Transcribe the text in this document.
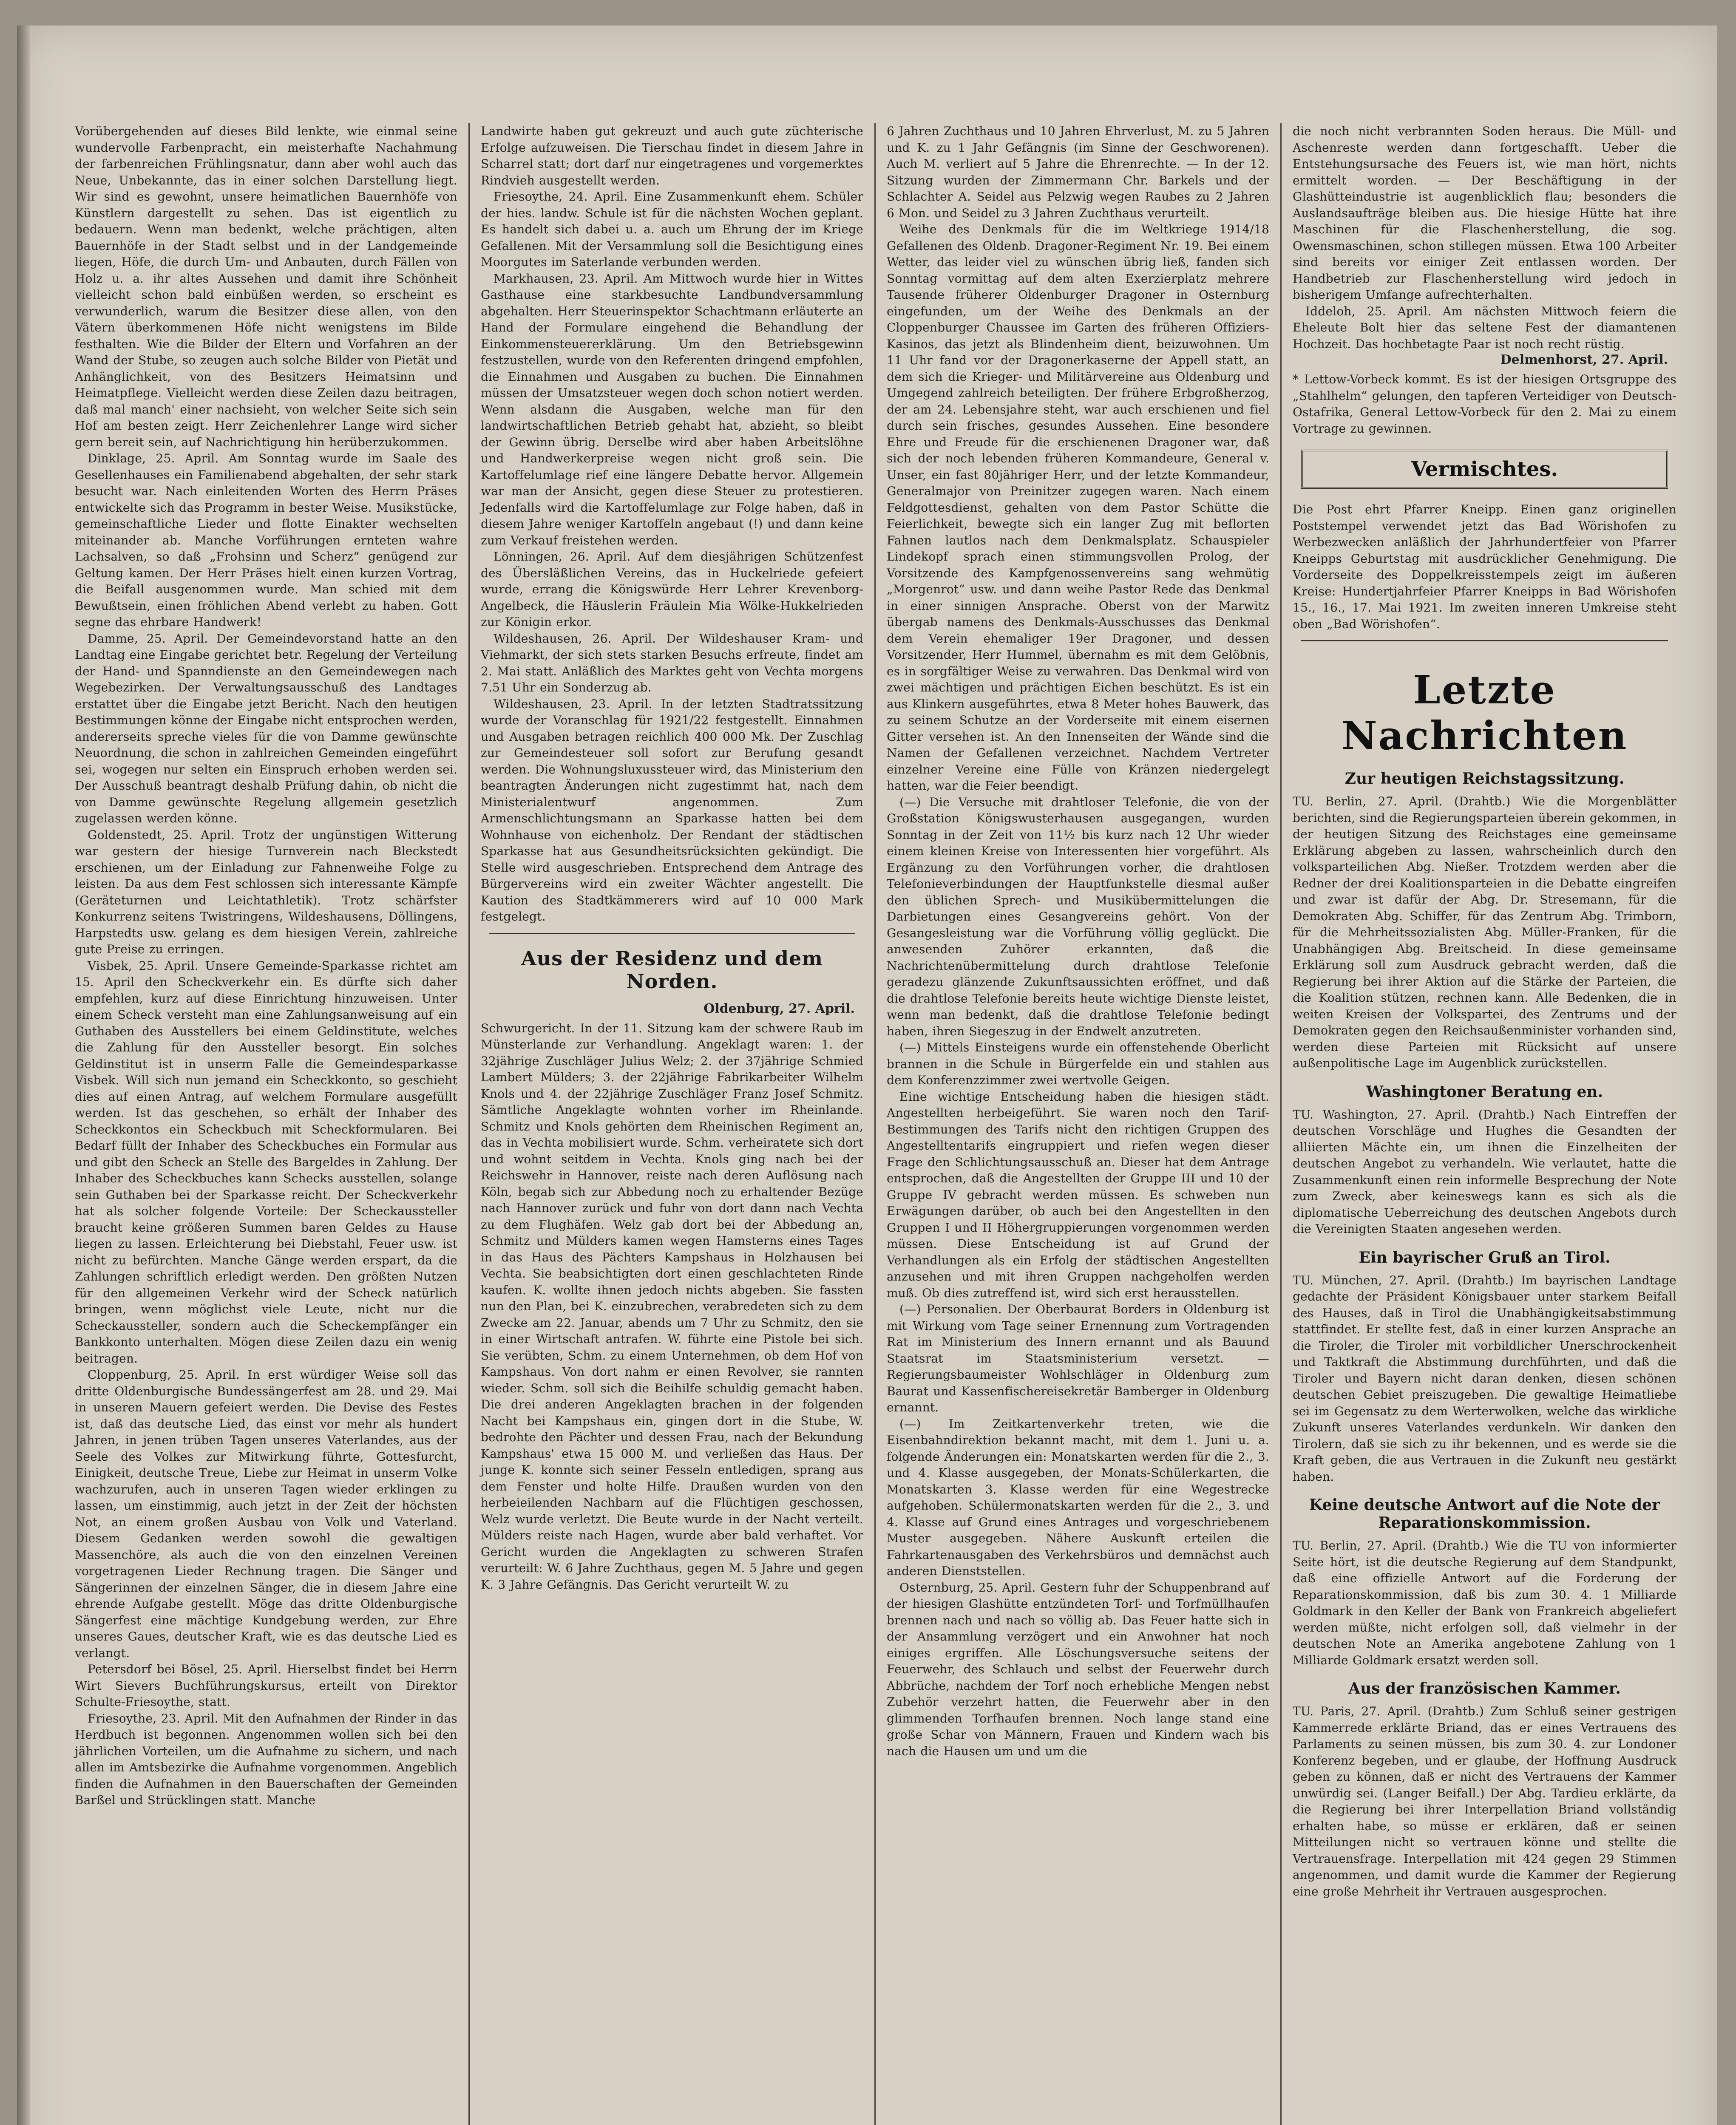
Vorübergehenden auf dieses Bild lenkte, wie einmal seine wundervolle Farbenpracht, ein meisterhafte Nachahmung der farbenreichen Frühlingsnatur, dann aber wohl auch das Neue, Unbekannte, das in einer solchen Darstellung liegt. Wir sind es gewohnt, unsere heimatlichen Bauernhöfe von Künstlern dargestellt zu sehen. Das ist eigentlich zu bedauern. Wenn man bedenkt, welche prächtigen, alten Bauernhöfe in der Stadt selbst und in der Landgemeinde liegen, Höfe, die durch Um- und Anbauten, durch Fällen von Holz u. a. ihr altes Aussehen und damit ihre Schönheit vielleicht schon bald einbüßen werden, so erscheint es verwunderlich, warum die Besitzer diese allen, von den Vätern überkommenen Höfe nicht wenigstens im Bilde festhalten. Wie die Bilder der Eltern und Vorfahren an der Wand der Stube, so zeugen auch solche Bilder von Pietät und Anhänglichkeit, von des Besitzers Heimatsinn und Heimatpflege. Vielleicht werden diese Zeilen dazu beitragen, daß mal manch' einer nachsieht, von welcher Seite sich sein Hof am besten zeigt. Herr Zeichenlehrer Lange wird sicher gern bereit sein, auf Nachrichtigung hin herüberzukommen.

Dinklage, 25. April. Am Sonntag wurde im Saale des Gesellenhauses ein Familienabend abgehalten, der sehr stark besucht war. Nach einleitenden Worten des Herrn Präses entwickelte sich das Programm in bester Weise. Musikstücke, gemeinschaftliche Lieder und flotte Einakter wechselten miteinander ab. Manche Vorführungen ernteten wahre Lachsalven, so daß „Frohsinn und Scherz“ genügend zur Geltung kamen. Der Herr Präses hielt einen kurzen Vortrag, die Beifall ausgenommen wurde. Man schied mit dem Bewußtsein, einen fröhlichen Abend verlebt zu haben. Gott segne das ehrbare Handwerk!

Damme, 25. April. Der Gemeindevorstand hatte an den Landtag eine Eingabe gerichtet betr. Regelung der Verteilung der Hand- und Spanndienste an den Gemeindewegen nach Wegebezirken. Der Verwaltungsausschuß des Landtages erstattet über die Eingabe jetzt Bericht. Nach den heutigen Bestimmungen könne der Eingabe nicht entsprochen werden, andererseits spreche vieles für die von Damme gewünschte Neuordnung, die schon in zahlreichen Gemeinden eingeführt sei, wogegen nur selten ein Einspruch erhoben werden sei. Der Ausschuß beantragt deshalb Prüfung dahin, ob nicht die von Damme gewünschte Regelung allgemein gesetzlich zugelassen werden könne.

Goldenstedt, 25. April. Trotz der ungünstigen Witterung war gestern der hiesige Turnverein nach Bleckstedt erschienen, um der Einladung zur Fahnenweihe Folge zu leisten. Da aus dem Fest schlossen sich interessante Kämpfe (Geräteturnen und Leichtathletik). Trotz schärfster Konkurrenz seitens Twistringens, Wildeshausens, Döllingens, Harpstedts usw. gelang es dem hiesigen Verein, zahlreiche gute Preise zu erringen.

Visbek, 25. April. Unsere Gemeinde-Sparkasse richtet am 15. April den Scheckverkehr ein. Es dürfte sich daher empfehlen, kurz auf diese Einrichtung hinzuweisen. Unter einem Scheck versteht man eine Zahlungsanweisung auf ein Guthaben des Ausstellers bei einem Geldinstitute, welches die Zahlung für den Aussteller besorgt. Ein solches Geldinstitut ist in unserm Falle die Gemeindesparkasse Visbek. Will sich nun jemand ein Scheckkonto, so geschieht dies auf einen Antrag, auf welchem Formulare ausgefüllt werden. Ist das geschehen, so erhält der Inhaber des Scheckkontos ein Scheckbuch mit Scheckformularen. Bei Bedarf füllt der Inhaber des Scheckbuches ein Formular aus und gibt den Scheck an Stelle des Bargeldes in Zahlung. Der Inhaber des Scheckbuches kann Schecks ausstellen, solange sein Guthaben bei der Sparkasse reicht. Der Scheckverkehr hat als solcher folgende Vorteile: Der Scheckaussteller braucht keine größeren Summen baren Geldes zu Hause liegen zu lassen. Erleichterung bei Diebstahl, Feuer usw. ist nicht zu befürchten. Manche Gänge werden erspart, da die Zahlungen schriftlich erledigt werden. Den größten Nutzen für den allgemeinen Verkehr wird der Scheck natürlich bringen, wenn möglichst viele Leute, nicht nur die Scheckaussteller, sondern auch die Scheckempfänger ein Bankkonto unterhalten. Mögen diese Zeilen dazu ein wenig beitragen.

Cloppenburg, 25. April. In erst würdiger Weise soll das dritte Oldenburgische Bundessängerfest am 28. und 29. Mai in unseren Mauern gefeiert werden. Die Devise des Festes ist, daß das deutsche Lied, das einst vor mehr als hundert Jahren, in jenen trüben Tagen unseres Vaterlandes, aus der Seele des Volkes zur Mitwirkung führte, Gottesfurcht, Einigkeit, deutsche Treue, Liebe zur Heimat in unserm Volke wachzurufen, auch in unseren Tagen wieder erklingen zu lassen, um einstimmig, auch jetzt in der Zeit der höchsten Not, an einem großen Ausbau von Volk und Vaterland. Diesem Gedanken werden sowohl die gewaltigen Massenchöre, als auch die von den einzelnen Vereinen vorgetragenen Lieder Rechnung tragen. Die Sänger und Sängerinnen der einzelnen Sänger, die in diesem Jahre eine ehrende Aufgabe gestellt. Möge das dritte Oldenburgische Sängerfest eine mächtige Kundgebung werden, zur Ehre unseres Gaues, deutscher Kraft, wie es das deutsche Lied es verlangt.

Petersdorf bei Bösel, 25. April. Hierselbst findet bei Herrn Wirt Sievers Buchführungskursus, erteilt von Direktor Schulte-Friesoythe, statt.

Friesoythe, 23. April. Mit den Aufnahmen der Rinder in das Herdbuch ist begonnen. Angenommen wollen sich bei den jährlichen Vorteilen, um die Aufnahme zu sichern, und nach allen im Amtsbezirke die Aufnahme vorgenommen. Angeblich finden die Aufnahmen in den Bauerschaften der Gemeinden Barßel und Strücklingen statt. Manche

Landwirte haben gut gekreuzt und auch gute züchterische Erfolge aufzuweisen. Die Tierschau findet in diesem Jahre in Scharrel statt; dort darf nur eingetragenes und vorgemerktes Rindvieh ausgestellt werden.

Friesoythe, 24. April. Eine Zusammenkunft ehem. Schüler der hies. landw. Schule ist für die nächsten Wochen geplant. Es handelt sich dabei u. a. auch um Ehrung der im Kriege Gefallenen. Mit der Versammlung soll die Besichtigung eines Moorgutes im Saterlande verbunden werden.

Markhausen, 23. April. Am Mittwoch wurde hier in Wittes Gasthause eine starkbesuchte Landbundversammlung abgehalten. Herr Steuerinspektor Schachtmann erläuterte an Hand der Formulare eingehend die Behandlung der Einkommensteuererklärung. Um den Betriebsgewinn festzustellen, wurde von den Referenten dringend empfohlen, die Einnahmen und Ausgaben zu buchen. Die Einnahmen müssen der Umsatzsteuer wegen doch schon notiert werden. Wenn alsdann die Ausgaben, welche man für den landwirtschaftlichen Betrieb gehabt hat, abzieht, so bleibt der Gewinn übrig. Derselbe wird aber haben Arbeitslöhne und Handwerkerpreise wegen nicht groß sein. Die Kartoffelumlage rief eine längere Debatte hervor. Allgemein war man der Ansicht, gegen diese Steuer zu protestieren. Jedenfalls wird die Kartoffelumlage zur Folge haben, daß in diesem Jahre weniger Kartoffeln angebaut (!) und dann keine zum Verkauf freistehen werden.

Lönningen, 26. April. Auf dem diesjährigen Schützenfest des Übersläßlichen Vereins, das in Huckelriede gefeiert wurde, errang die Königswürde Herr Lehrer Krevenborg-Angelbeck, die Häuslerin Fräulein Mia Wölke-Hukkelrieden zur Königin erkor.

Wildeshausen, 26. April. Der Wildeshauser Kram- und Viehmarkt, der sich stets starken Besuchs erfreute, findet am 2. Mai statt. Anläßlich des Marktes geht von Vechta morgens 7.51 Uhr ein Sonderzug ab.

Wildeshausen, 23. April. In der letzten Stadtratssitzung wurde der Voranschlag für 1921/22 festgestellt. Einnahmen und Ausgaben betragen reichlich 400 000 Mk. Der Zuschlag zur Gemeindesteuer soll sofort zur Berufung gesandt werden. Die Wohnungsluxussteuer wird, das Ministerium den beantragten Änderungen nicht zugestimmt hat, nach dem Ministerialentwurf angenommen. Zum Armenschlichtungsmann an Sparkasse hatten bei dem Wohnhause von eichenholz. Der Rendant der städtischen Sparkasse hat aus Gesundheitsrücksichten gekündigt. Die Stelle wird ausgeschrieben. Entsprechend dem Antrage des Bürgervereins wird ein zweiter Wächter angestellt. Die Kaution des Stadtkämmerers wird auf 10 000 Mark festgelegt.

Aus der Residenz und dem Norden.
Oldenburg, 27. April.

Schwurgericht. In der 11. Sitzung kam der schwere Raub im Münsterlande zur Verhandlung. Angeklagt waren: 1. der 32jährige Zuschläger Julius Welz; 2. der 37jährige Schmied Lambert Mülders; 3. der 22jährige Fabrikarbeiter Wilhelm Knols und 4. der 22jährige Zuschläger Franz Josef Schmitz. Sämtliche Angeklagte wohnten vorher im Rheinlande. Schmitz und Knols gehörten dem Rheinischen Regiment an, das in Vechta mobilisiert wurde. Schm. verheiratete sich dort und wohnt seitdem in Vechta. Knols ging nach bei der Reichswehr in Hannover, reiste nach deren Auflösung nach Köln, begab sich zur Abbedung noch zu erhaltender Bezüge nach Hannover zurück und fuhr von dort dann nach Vechta zu dem Flughäfen. Welz gab dort bei der Abbedung an, Schmitz und Mülders kamen wegen Hamsterns eines Tages in das Haus des Pächters Kampshaus in Holzhausen bei Vechta. Sie beabsichtigten dort einen geschlachteten Rinde kaufen. K. wollte ihnen jedoch nichts abgeben. Sie fassten nun den Plan, bei K. einzubrechen, verabredeten sich zu dem Zwecke am 22. Januar, abends um 7 Uhr zu Schmitz, den sie in einer Wirtschaft antrafen. W. führte eine Pistole bei sich. Sie verübten, Schm. zu einem Unternehmen, ob dem Hof von Kampshaus. Von dort nahm er einen Revolver, sie rannten wieder. Schm. soll sich die Beihilfe schuldig gemacht haben. Die drei anderen Angeklagten brachen in der folgenden Nacht bei Kampshaus ein, gingen dort in die Stube, W. bedrohte den Pächter und dessen Frau, nach der Bekundung Kampshaus' etwa 15 000 M. und verließen das Haus. Der junge K. konnte sich seiner Fesseln entledigen, sprang aus dem Fenster und holte Hilfe. Draußen wurden von den herbeieilenden Nachbarn auf die Flüchtigen geschossen, Welz wurde verletzt. Die Beute wurde in der Nacht verteilt. Mülders reiste nach Hagen, wurde aber bald verhaftet. Vor Gericht wurden die Angeklagten zu schweren Strafen verurteilt: W. 6 Jahre Zuchthaus, gegen M. 5 Jahre und gegen K. 3 Jahre Gefängnis. Das Gericht verurteilt W. zu

6 Jahren Zuchthaus und 10 Jahren Ehrverlust, M. zu 5 Jahren und K. zu 1 Jahr Gefängnis (im Sinne der Geschworenen). Auch M. verliert auf 5 Jahre die Ehrenrechte. — In der 12. Sitzung wurden der Zimmermann Chr. Barkels und der Schlachter A. Seidel aus Pelzwig wegen Raubes zu 2 Jahren 6 Mon. und Seidel zu 3 Jahren Zuchthaus verurteilt.

Weihe des Denkmals für die im Weltkriege 1914/18 Gefallenen des Oldenb. Dragoner-Regiment Nr. 19. Bei einem Wetter, das leider viel zu wünschen übrig ließ, fanden sich Sonntag vormittag auf dem alten Exerzierplatz mehrere Tausende früherer Oldenburger Dragoner in Osternburg eingefunden, um der Weihe des Denkmals an der Cloppenburger Chaussee im Garten des früheren Offiziers-Kasinos, das jetzt als Blindenheim dient, beizuwohnen. Um 11 Uhr fand vor der Dragonerkaserne der Appell statt, an dem sich die Krieger- und Militärvereine aus Oldenburg und Umgegend zahlreich beteiligten. Der frühere Erbgroßherzog, der am 24. Lebensjahre steht, war auch erschienen und fiel durch sein frisches, gesundes Aussehen. Eine besondere Ehre und Freude für die erschienenen Dragoner war, daß sich der noch lebenden früheren Kommandeure, General v. Unser, ein fast 80jähriger Herr, und der letzte Kommandeur, Generalmajor von Preinitzer zugegen waren. Nach einem Feldgottesdienst, gehalten von dem Pastor Schütte die Feierlichkeit, bewegte sich ein langer Zug mit beflorten Fahnen lautlos nach dem Denkmalsplatz. Schauspieler Lindekopf sprach einen stimmungsvollen Prolog, der Vorsitzende des Kampfgenossenvereins sang wehmütig „Morgenrot“ usw. und dann weihe Pastor Rede das Denkmal in einer sinnigen Ansprache. Oberst von der Marwitz übergab namens des Denkmals-Ausschusses das Denkmal dem Verein ehemaliger 19er Dragoner, und dessen Vorsitzender, Herr Hummel, übernahm es mit dem Gelöbnis, es in sorgfältiger Weise zu verwahren. Das Denkmal wird von zwei mächtigen und prächtigen Eichen beschützt. Es ist ein aus Klinkern ausgeführtes, etwa 8 Meter hohes Bauwerk, das zu seinem Schutze an der Vorderseite mit einem eisernen Gitter versehen ist. An den Innenseiten der Wände sind die Namen der Gefallenen verzeichnet. Nachdem Vertreter einzelner Vereine eine Fülle von Kränzen niedergelegt hatten, war die Feier beendigt.

(—) Die Versuche mit drahtloser Telefonie, die von der Großstation Königswusterhausen ausgegangen, wurden Sonntag in der Zeit von 11½ bis kurz nach 12 Uhr wieder einem kleinen Kreise von Interessenten hier vorgeführt. Als Ergänzung zu den Vorführungen vorher, die drahtlosen Telefonieverbindungen der Hauptfunkstelle diesmal außer den üblichen Sprech- und Musikübermittelungen die Darbietungen eines Gesangvereins gehört. Von der Gesangesleistung war die Vorführung völlig geglückt. Die anwesenden Zuhörer erkannten, daß die Nachrichtenübermittelung durch drahtlose Telefonie geradezu glänzende Zukunftsaussichten eröffnet, und daß die drahtlose Telefonie bereits heute wichtige Dienste leistet, wenn man bedenkt, daß die drahtlose Telefonie bedingt haben, ihren Siegeszug in der Endwelt anzutreten.

(—) Mittels Einsteigens wurde ein offenstehende Oberlicht brannen in die Schule in Bürgerfelde ein und stahlen aus dem Konferenzzimmer zwei wertvolle Geigen.

Eine wichtige Entscheidung haben die hiesigen städt. Angestellten herbeigeführt. Sie waren noch den Tarif-Bestimmungen des Tarifs nicht den richtigen Gruppen des Angestelltentarifs eingruppiert und riefen wegen dieser Frage den Schlichtungsausschuß an. Dieser hat dem Antrage entsprochen, daß die Angestellten der Gruppe III und 10 der Gruppe IV gebracht werden müssen. Es schweben nun Erwägungen darüber, ob auch bei den Angestellten in den Gruppen I und II Höhergruppierungen vorgenommen werden müssen. Diese Entscheidung ist auf Grund der Verhandlungen als ein Erfolg der städtischen Angestellten anzusehen und mit ihren Gruppen nachgeholfen werden muß. Ob dies zutreffend ist, wird sich erst herausstellen.

(—) Personalien. Der Oberbaurat Borders in Oldenburg ist mit Wirkung vom Tage seiner Ernennung zum Vortragenden Rat im Ministerium des Innern ernannt und als Bauund Staatsrat im Staatsministerium versetzt. — Regierungsbaumeister Wohlschläger in Oldenburg zum Baurat und Kassenfischereisekretär Bamberger in Oldenburg ernannt.

(—) Im Zeitkartenverkehr treten, wie die Eisenbahndirektion bekannt macht, mit dem 1. Juni u. a. folgende Änderungen ein: Monatskarten werden für die 2., 3. und 4. Klasse ausgegeben, der Monats-Schülerkarten, die Monatskarten 3. Klasse werden für eine Wegestrecke aufgehoben. Schülermonatskarten werden für die 2., 3. und 4. Klasse auf Grund eines Antrages und vorgeschriebenem Muster ausgegeben. Nähere Auskunft erteilen die Fahrkartenausgaben des Verkehrsbüros und demnächst auch anderen Dienststellen.

Osternburg, 25. April. Gestern fuhr der Schuppenbrand auf der hiesigen Glashütte entzündeten Torf- und Torfmüllhaufen brennen nach und nach so völlig ab. Das Feuer hatte sich in der Ansammlung verzögert und ein Anwohner hat noch einiges ergriffen. Alle Löschungsversuche seitens der Feuerwehr, des Schlauch und selbst der Feuerwehr durch Abbrüche, nachdem der Torf noch erhebliche Mengen nebst Zubehör verzehrt hatten, die Feuerwehr aber in den glimmenden Torfhaufen brennen. Noch lange stand eine große Schar von Männern, Frauen und Kindern wach bis nach die Hausen um und um die

die noch nicht verbrannten Soden heraus. Die Müll- und Aschenreste werden dann fortgeschafft. Ueber die Entstehungsursache des Feuers ist, wie man hört, nichts ermittelt worden. — Der Beschäftigung in der Glashütteindustrie ist augenblicklich flau; besonders die Auslandsaufträge bleiben aus. Die hiesige Hütte hat ihre Maschinen für die Flaschenherstellung, die sog. Owensmaschinen, schon stillegen müssen. Etwa 100 Arbeiter sind bereits vor einiger Zeit entlassen worden. Der Handbetrieb zur Flaschenherstellung wird jedoch in bisherigem Umfange aufrechterhalten.

Iddeloh, 25. April. Am nächsten Mittwoch feiern die Eheleute Bolt hier das seltene Fest der diamantenen Hochzeit. Das hochbetagte Paar ist noch recht rüstig.

Delmenhorst, 27. April.

* Lettow-Vorbeck kommt. Es ist der hiesigen Ortsgruppe des „Stahlhelm“ gelungen, den tapferen Verteidiger von Deutsch-Ostafrika, General Lettow-Vorbeck für den 2. Mai zu einem Vortrage zu gewinnen.

Vermischtes.

Die Post ehrt Pfarrer Kneipp. Einen ganz originellen Poststempel verwendet jetzt das Bad Wörishofen zu Werbezwecken anläßlich der Jahrhundertfeier von Pfarrer Kneipps Geburtstag mit ausdrücklicher Genehmigung. Die Vorderseite des Doppelkreisstempels zeigt im äußeren Kreise: Hundertjahrfeier Pfarrer Kneipps in Bad Wörishofen 15., 16., 17. Mai 1921. Im zweiten inneren Umkreise steht oben „Bad Wörishofen“.

Letzte Nachrichten
Zur heutigen Reichstagssitzung.

TU. Berlin, 27. April. (Drahtb.) Wie die Morgenblätter berichten, sind die Regierungsparteien überein gekommen, in der heutigen Sitzung des Reichstages eine gemeinsame Erklärung abgeben zu lassen, wahrscheinlich durch den volksparteilichen Abg. Nießer. Trotzdem werden aber die Redner der drei Koalitionsparteien in die Debatte eingreifen und zwar ist dafür der Abg. Dr. Stresemann, für die Demokraten Abg. Schiffer, für das Zentrum Abg. Trimborn, für die Mehrheitssozialisten Abg. Müller-Franken, für die Unabhängigen Abg. Breitscheid. In diese gemeinsame Erklärung soll zum Ausdruck gebracht werden, daß die Regierung bei ihrer Aktion auf die Stärke der Parteien, die die Koalition stützen, rechnen kann. Alle Bedenken, die in weiten Kreisen der Volkspartei, des Zentrums und der Demokraten gegen den Reichsaußenminister vorhanden sind, werden diese Parteien mit Rücksicht auf unsere außenpolitische Lage im Augenblick zurückstellen.

Washingtoner Beratung en.

TU. Washington, 27. April. (Drahtb.) Nach Eintreffen der deutschen Vorschläge und Hughes die Gesandten der alliierten Mächte ein, um ihnen die Einzelheiten der deutschen Angebot zu verhandeln. Wie verlautet, hatte die Zusammenkunft einen rein informelle Besprechung der Note zum Zweck, aber keineswegs kann es sich als die diplomatische Ueberreichung des deutschen Angebots durch die Vereinigten Staaten angesehen werden.

Ein bayrischer Gruß an Tirol.

TU. München, 27. April. (Drahtb.) Im bayrischen Landtage gedachte der Präsident Königsbauer unter starkem Beifall des Hauses, daß in Tirol die Unabhängigkeitsabstimmung stattfindet. Er stellte fest, daß in einer kurzen Ansprache an die Tiroler, die Tiroler mit vorbildlicher Unerschrockenheit und Taktkraft die Abstimmung durchführten, und daß die Tiroler und Bayern nicht daran denken, diesen schönen deutschen Gebiet preiszugeben. Die gewaltige Heimatliebe sei im Gegensatz zu dem Werterwolken, welche das wirkliche Zukunft unseres Vaterlandes verdunkeln. Wir danken den Tirolern, daß sie sich zu ihr bekennen, und es werde sie die Kraft geben, die aus Vertrauen in die Zukunft neu gestärkt haben.

Keine deutsche Antwort auf die Note der Reparationskommission.

TU. Berlin, 27. April. (Drahtb.) Wie die TU von informierter Seite hört, ist die deutsche Regierung auf dem Standpunkt, daß eine offizielle Antwort auf die Forderung der Reparationskommission, daß bis zum 30. 4. 1 Milliarde Goldmark in den Keller der Bank von Frankreich abgeliefert werden müßte, nicht erfolgen soll, daß vielmehr in der deutschen Note an Amerika angebotene Zahlung von 1 Milliarde Goldmark ersatzt werden soll.

Aus der französischen Kammer.

TU. Paris, 27. April. (Drahtb.) Zum Schluß seiner gestrigen Kammerrede erklärte Briand, das er eines Vertrauens des Parlaments zu seinen müssen, bis zum 30. 4. zur Londoner Konferenz begeben, und er glaube, der Hoffnung Ausdruck geben zu können, daß er nicht des Vertrauens der Kammer unwürdig sei. (Langer Beifall.) Der Abg. Tardieu erklärte, da die Regierung bei ihrer Interpellation Briand vollständig erhalten habe, so müsse er erklären, daß er seinen Mitteilungen nicht so vertrauen könne und stellte die Vertrauensfrage. Interpellation mit 424 gegen 29 Stimmen angenommen, und damit wurde die Kammer der Regierung eine große Mehrheit ihr Vertrauen ausgesprochen.
